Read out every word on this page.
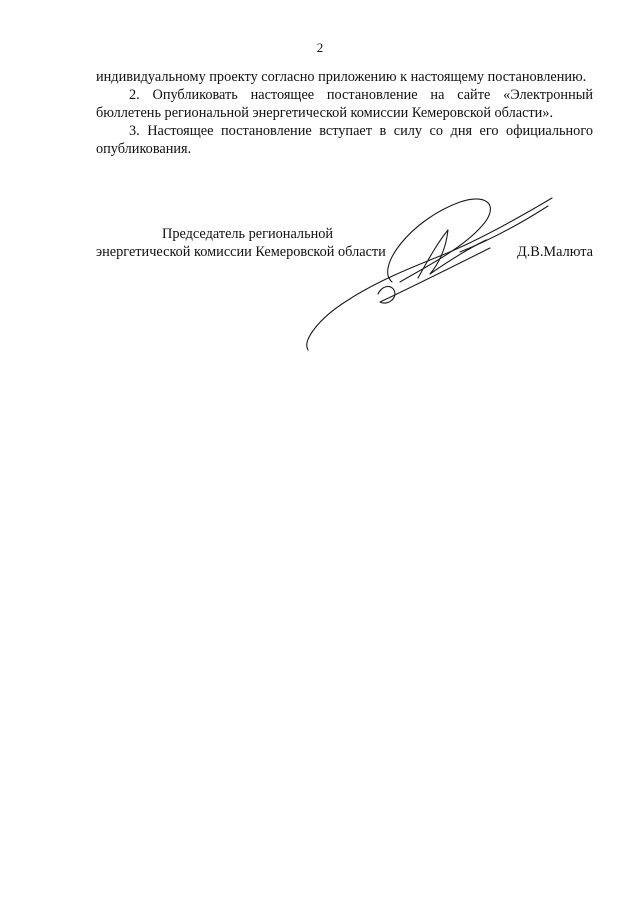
2

индивидуальному проекту согласно приложению к настоящему постановлению.

2. Опубликовать настоящее постановление на сайте «Электронный бюллетень региональной энергетической комиссии Кемеровской области».

3. Настоящее постановление вступает в силу со дня его официального опубликования.

Председатель региональной
энергетической комиссии Кемеровской области	Д.В.Малюта
